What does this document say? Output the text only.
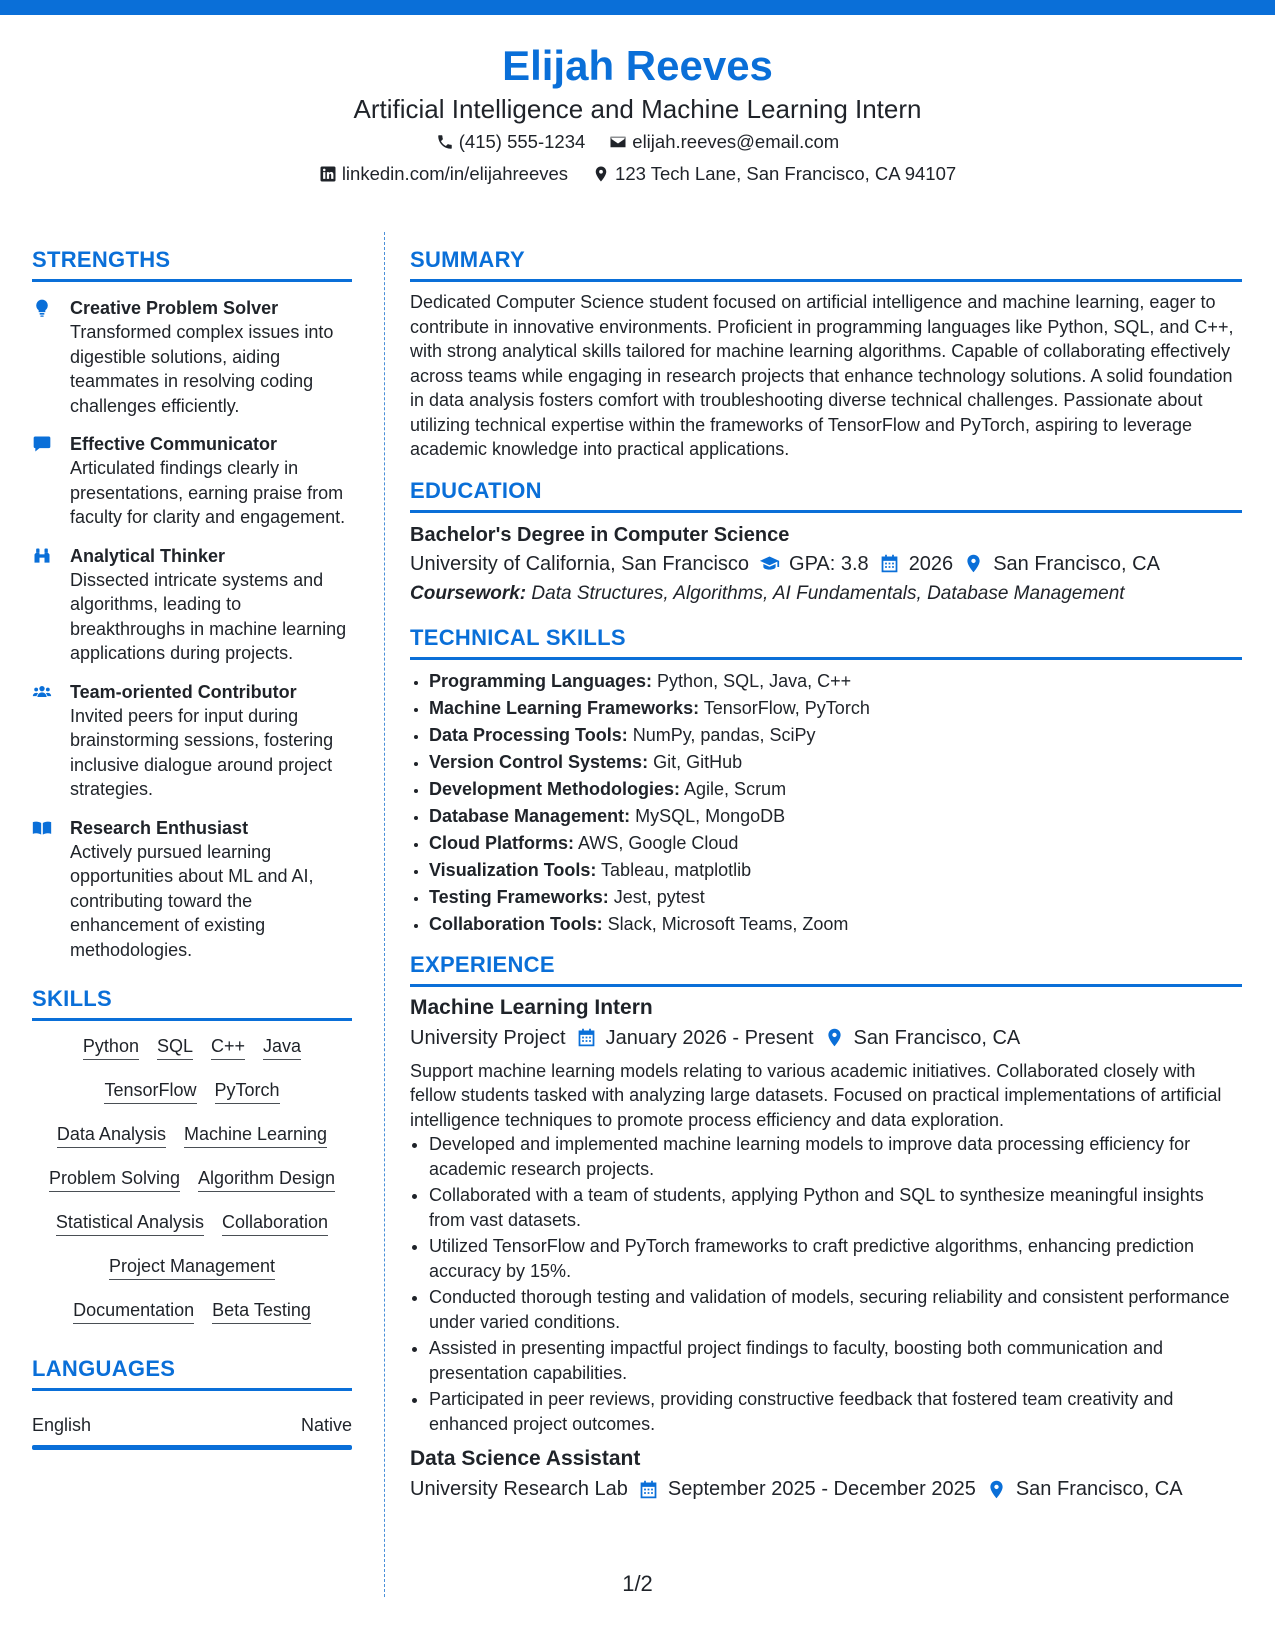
Elijah Reeves
Artificial Intelligence and Machine Learning Intern
(415) 555-1234	elijah.reeves@email.com
linkedin.com/in/elijahreeves	123 Tech Lane, San Francisco, CA 94107
STRENGTHS
Creative Problem Solver
Transformed complex issues into digestible solutions, aiding teammates in resolving coding challenges efficiently.
Effective Communicator
Articulated findings clearly in presentations, earning praise from faculty for clarity and engagement.
Analytical Thinker
Dissected intricate systems and algorithms, leading to breakthroughs in machine learning applications during projects.
Team-oriented Contributor
Invited peers for input during brainstorming sessions, fostering inclusive dialogue around project strategies.
Research Enthusiast
Actively pursued learning opportunities about ML and AI, contributing toward the enhancement of existing methodologies.
SKILLS
Python SQL C++ Java
TensorFlow PyTorch
Data Analysis Machine Learning
Problem Solving Algorithm Design
Statistical Analysis Collaboration
Project Management
Documentation Beta Testing
LANGUAGES
English	Native
SUMMARY
Dedicated Computer Science student focused on artificial intelligence and machine learning, eager to contribute in innovative environments. Proficient in programming languages like Python, SQL, and C++, with strong analytical skills tailored for machine learning algorithms. Capable of collaborating effectively across teams while engaging in research projects that enhance technology solutions. A solid foundation in data analysis fosters comfort with troubleshooting diverse technical challenges. Passionate about utilizing technical expertise within the frameworks of TensorFlow and PyTorch, aspiring to leverage academic knowledge into practical applications.
EDUCATION
Bachelor's Degree in Computer Science
University of California, San Francisco GPA: 3.8 2026 San Francisco, CA
Coursework: Data Structures, Algorithms, AI Fundamentals, Database Management
TECHNICAL SKILLS
• Programming Languages: Python, SQL, Java, C++
• Machine Learning Frameworks: TensorFlow, PyTorch
• Data Processing Tools: NumPy, pandas, SciPy
• Version Control Systems: Git, GitHub
• Development Methodologies: Agile, Scrum
• Database Management: MySQL, MongoDB
• Cloud Platforms: AWS, Google Cloud
• Visualization Tools: Tableau, matplotlib
• Testing Frameworks: Jest, pytest
• Collaboration Tools: Slack, Microsoft Teams, Zoom
EXPERIENCE
Machine Learning Intern
University Project January 2026 - Present San Francisco, CA
Support machine learning models relating to various academic initiatives. Collaborated closely with fellow students tasked with analyzing large datasets. Focused on practical implementations of artificial intelligence techniques to promote process efficiency and data exploration.
• Developed and implemented machine learning models to improve data processing efficiency for academic research projects.
• Collaborated with a team of students, applying Python and SQL to synthesize meaningful insights from vast datasets.
• Utilized TensorFlow and PyTorch frameworks to craft predictive algorithms, enhancing prediction accuracy by 15%.
• Conducted thorough testing and validation of models, securing reliability and consistent performance under varied conditions.
• Assisted in presenting impactful project findings to faculty, boosting both communication and presentation capabilities.
• Participated in peer reviews, providing constructive feedback that fostered team creativity and enhanced project outcomes.
Data Science Assistant
University Research Lab September 2025 - December 2025 San Francisco, CA
1/2
